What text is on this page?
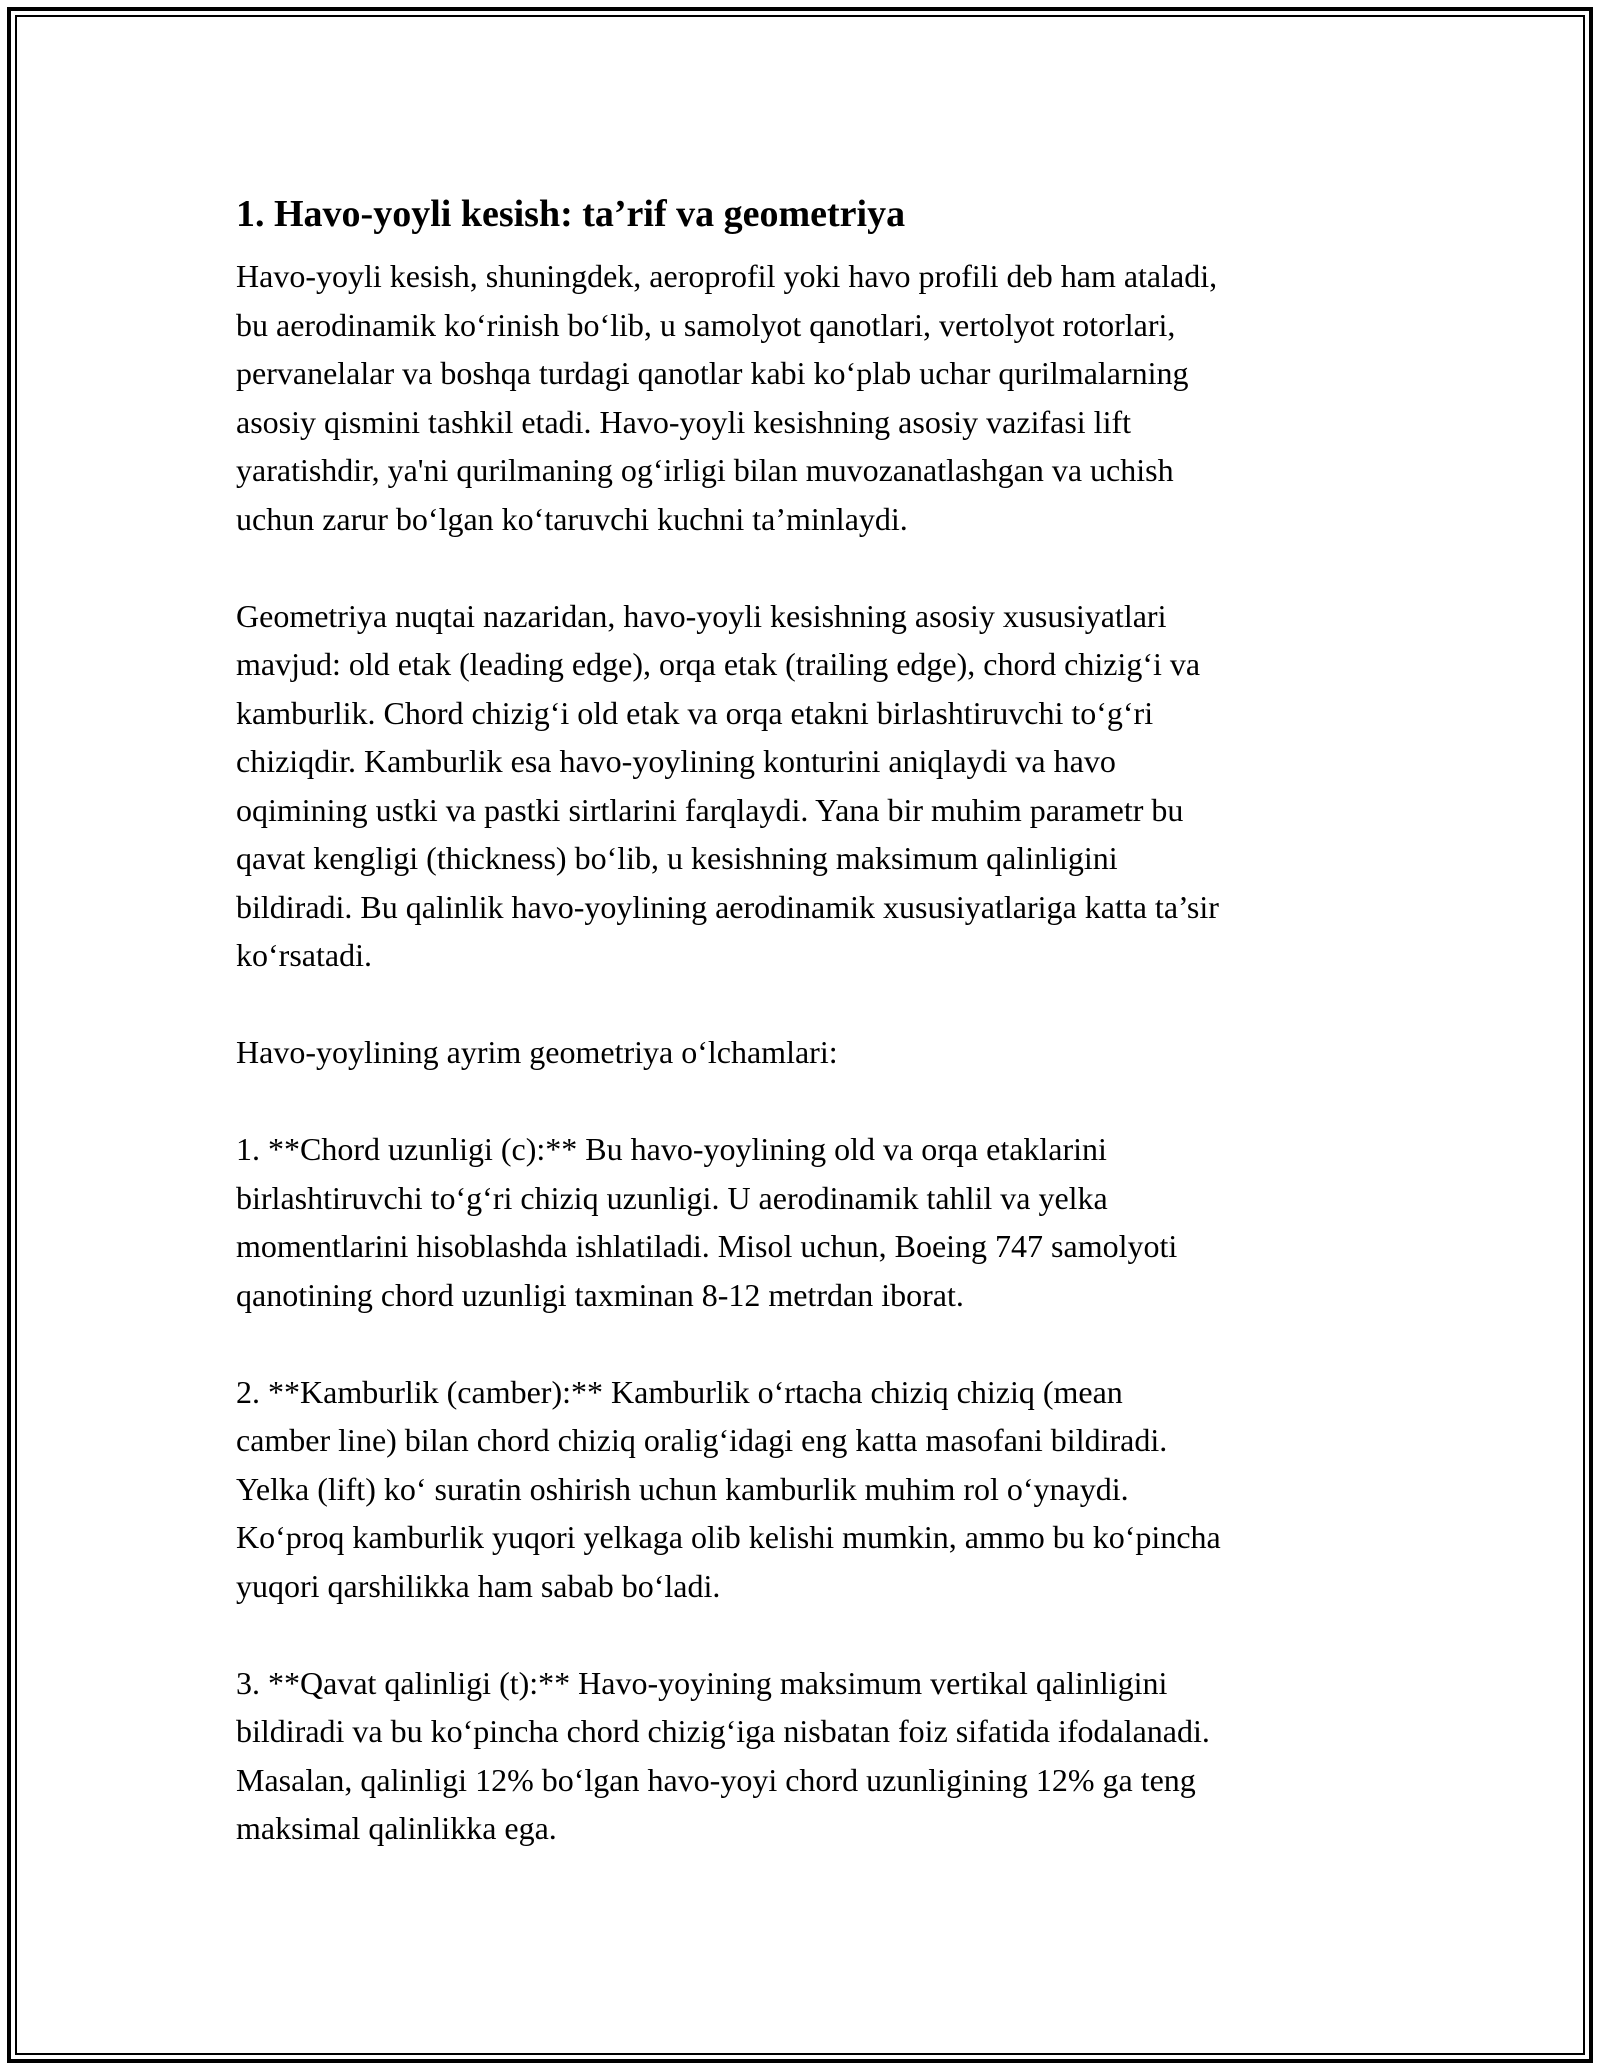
1. Havo-yoyli kesish: ta’rif va geometriya
Havo-yoyli kesish, shuningdek, aeroprofil yoki havo profili deb ham ataladi,
bu aerodinamik ko‘rinish bo‘lib, u samolyot qanotlari, vertolyot rotorlari,
pervanelalar va boshqa turdagi qanotlar kabi ko‘plab uchar qurilmalarning
asosiy qismini tashkil etadi. Havo-yoyli kesishning asosiy vazifasi lift
yaratishdir, ya'ni qurilmaning og‘irligi bilan muvozanatlashgan va uchish
uchun zarur bo‘lgan ko‘taruvchi kuchni ta’minlaydi.
Geometriya nuqtai nazaridan, havo-yoyli kesishning asosiy xususiyatlari
mavjud: old etak (leading edge), orqa etak (trailing edge), chord chizig‘i va
kamburlik. Chord chizig‘i old etak va orqa etakni birlashtiruvchi to‘g‘ri
chiziqdir. Kamburlik esa havo-yoylining konturini aniqlaydi va havo
oqimining ustki va pastki sirtlarini farqlaydi. Yana bir muhim parametr bu
qavat kengligi (thickness) bo‘lib, u kesishning maksimum qalinligini
bildiradi. Bu qalinlik havo-yoylining aerodinamik xususiyatlariga katta ta’sir
ko‘rsatadi.
Havo-yoylining ayrim geometriya o‘lchamlari:
1. **Chord uzunligi (c):** Bu havo-yoylining old va orqa etaklarini
birlashtiruvchi to‘g‘ri chiziq uzunligi. U aerodinamik tahlil va yelka
momentlarini hisoblashda ishlatiladi. Misol uchun, Boeing 747 samolyoti
qanotining chord uzunligi taxminan 8-12 metrdan iborat.
2. **Kamburlik (camber):** Kamburlik o‘rtacha chiziq chiziq (mean
camber line) bilan chord chiziq oralig‘idagi eng katta masofani bildiradi.
Yelka (lift) ko‘ suratin oshirish uchun kamburlik muhim rol o‘ynaydi.
Ko‘proq kamburlik yuqori yelkaga olib kelishi mumkin, ammo bu ko‘pincha
yuqori qarshilikka ham sabab bo‘ladi.
3. **Qavat qalinligi (t):** Havo-yoyining maksimum vertikal qalinligini
bildiradi va bu ko‘pincha chord chizig‘iga nisbatan foiz sifatida ifodalanadi.
Masalan, qalinligi 12% bo‘lgan havo-yoyi chord uzunligining 12% ga teng
maksimal qalinlikka ega.
